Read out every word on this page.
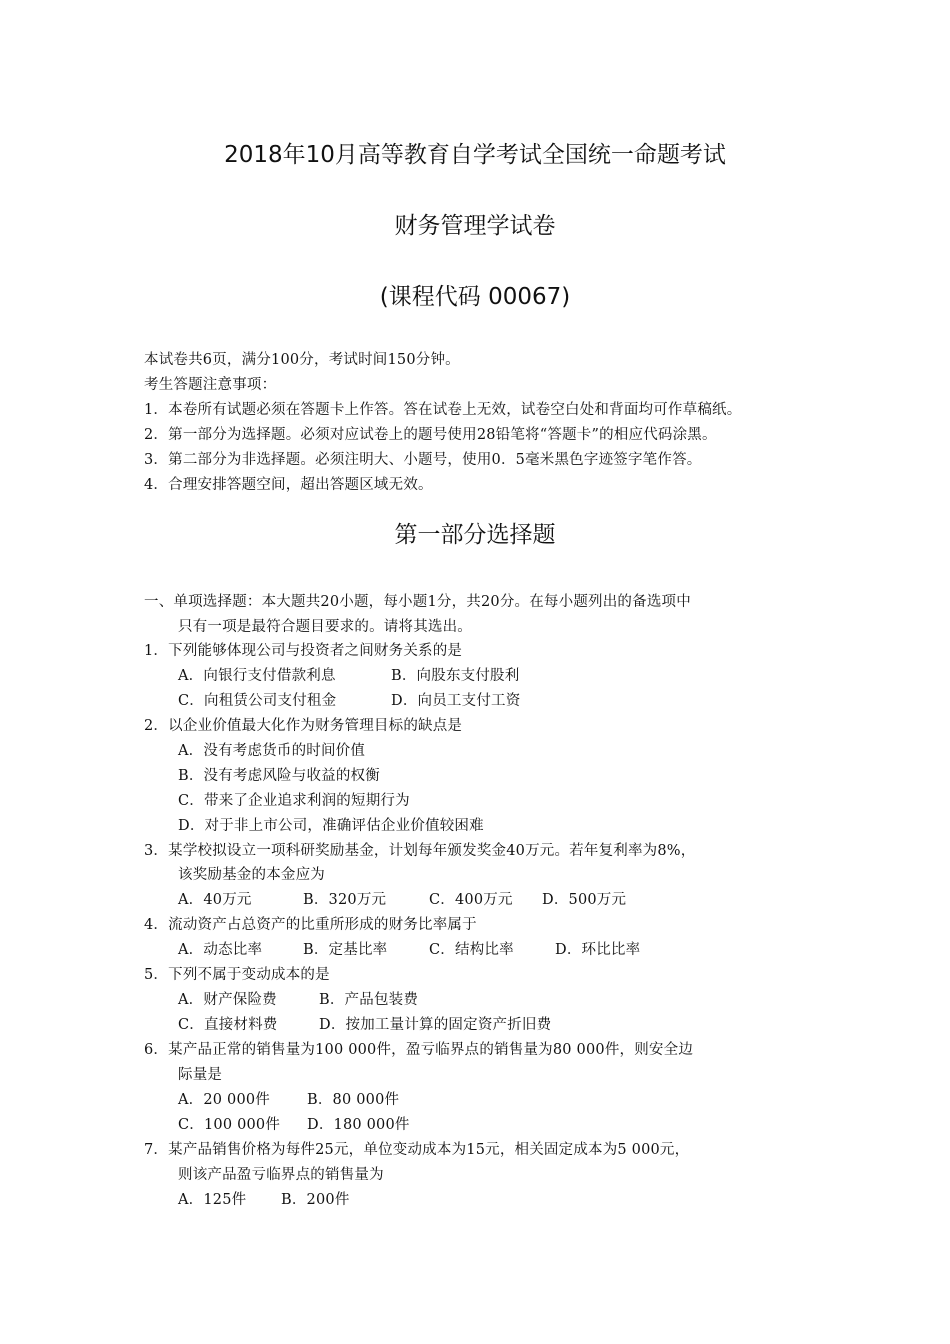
2018年10月高等教育自学考试全国统一命题考试
财务管理学试卷
(课程代码 00067)
本试卷共6页，满分100分，考试时间150分钟。
考生答题注意事项：
1．本卷所有试题必须在答题卡上作答。答在试卷上无效，试卷空白处和背面均可作草稿纸。
2．第一部分为选择题。必须对应试卷上的题号使用28铅笔将“答题卡”的相应代码涂黑。
3．第二部分为非选择题。必须注明大、小题号，使用0．5毫米黑色字迹签字笔作答。
4．合理安排答题空间，超出答题区域无效。
第一部分选择题
一、单项选择题：本大题共20小题，每小题1分，共20分。在每小题列出的备选项中
只有一项是最符合题目要求的。请将其选出。
1．下列能够体现公司与投资者之间财务关系的是
A．向银行支付借款利息	B．向股东支付股利
C．向租赁公司支付租金	D．向员工支付工资
2．以企业价值最大化作为财务管理目标的缺点是
A．没有考虑货币的时间价值
B．没有考虑风险与收益的权衡
C．带来了企业追求利润的短期行为
D．对于非上市公司，准确评估企业价值较困难
3．某学校拟设立一项科研奖励基金，计划每年颁发奖金40万元。若年复利率为8%，
该奖励基金的本金应为
A．40万元	B．320万元	C．400万元 D．500万元
4．流动资产占总资产的比重所形成的财务比率属于
A．动态比率	B．定基比率	C．结构比率	D．环比比率
5．下列不属于变动成本的是
A．财产保险费	B．产品包装费
C．直接材料费	D．按加工量计算的固定资产折旧费
6．某产品正常的销售量为100 000件，盈亏临界点的销售量为80 000件，则安全边
际量是
A．20 000件	B．80 000件
C．100 000件 D．180 000件
7．某产品销售价格为每件25元，单位变动成本为15元，相关固定成本为5 000元，
则该产品盈亏临界点的销售量为
A．125件 B．200件
